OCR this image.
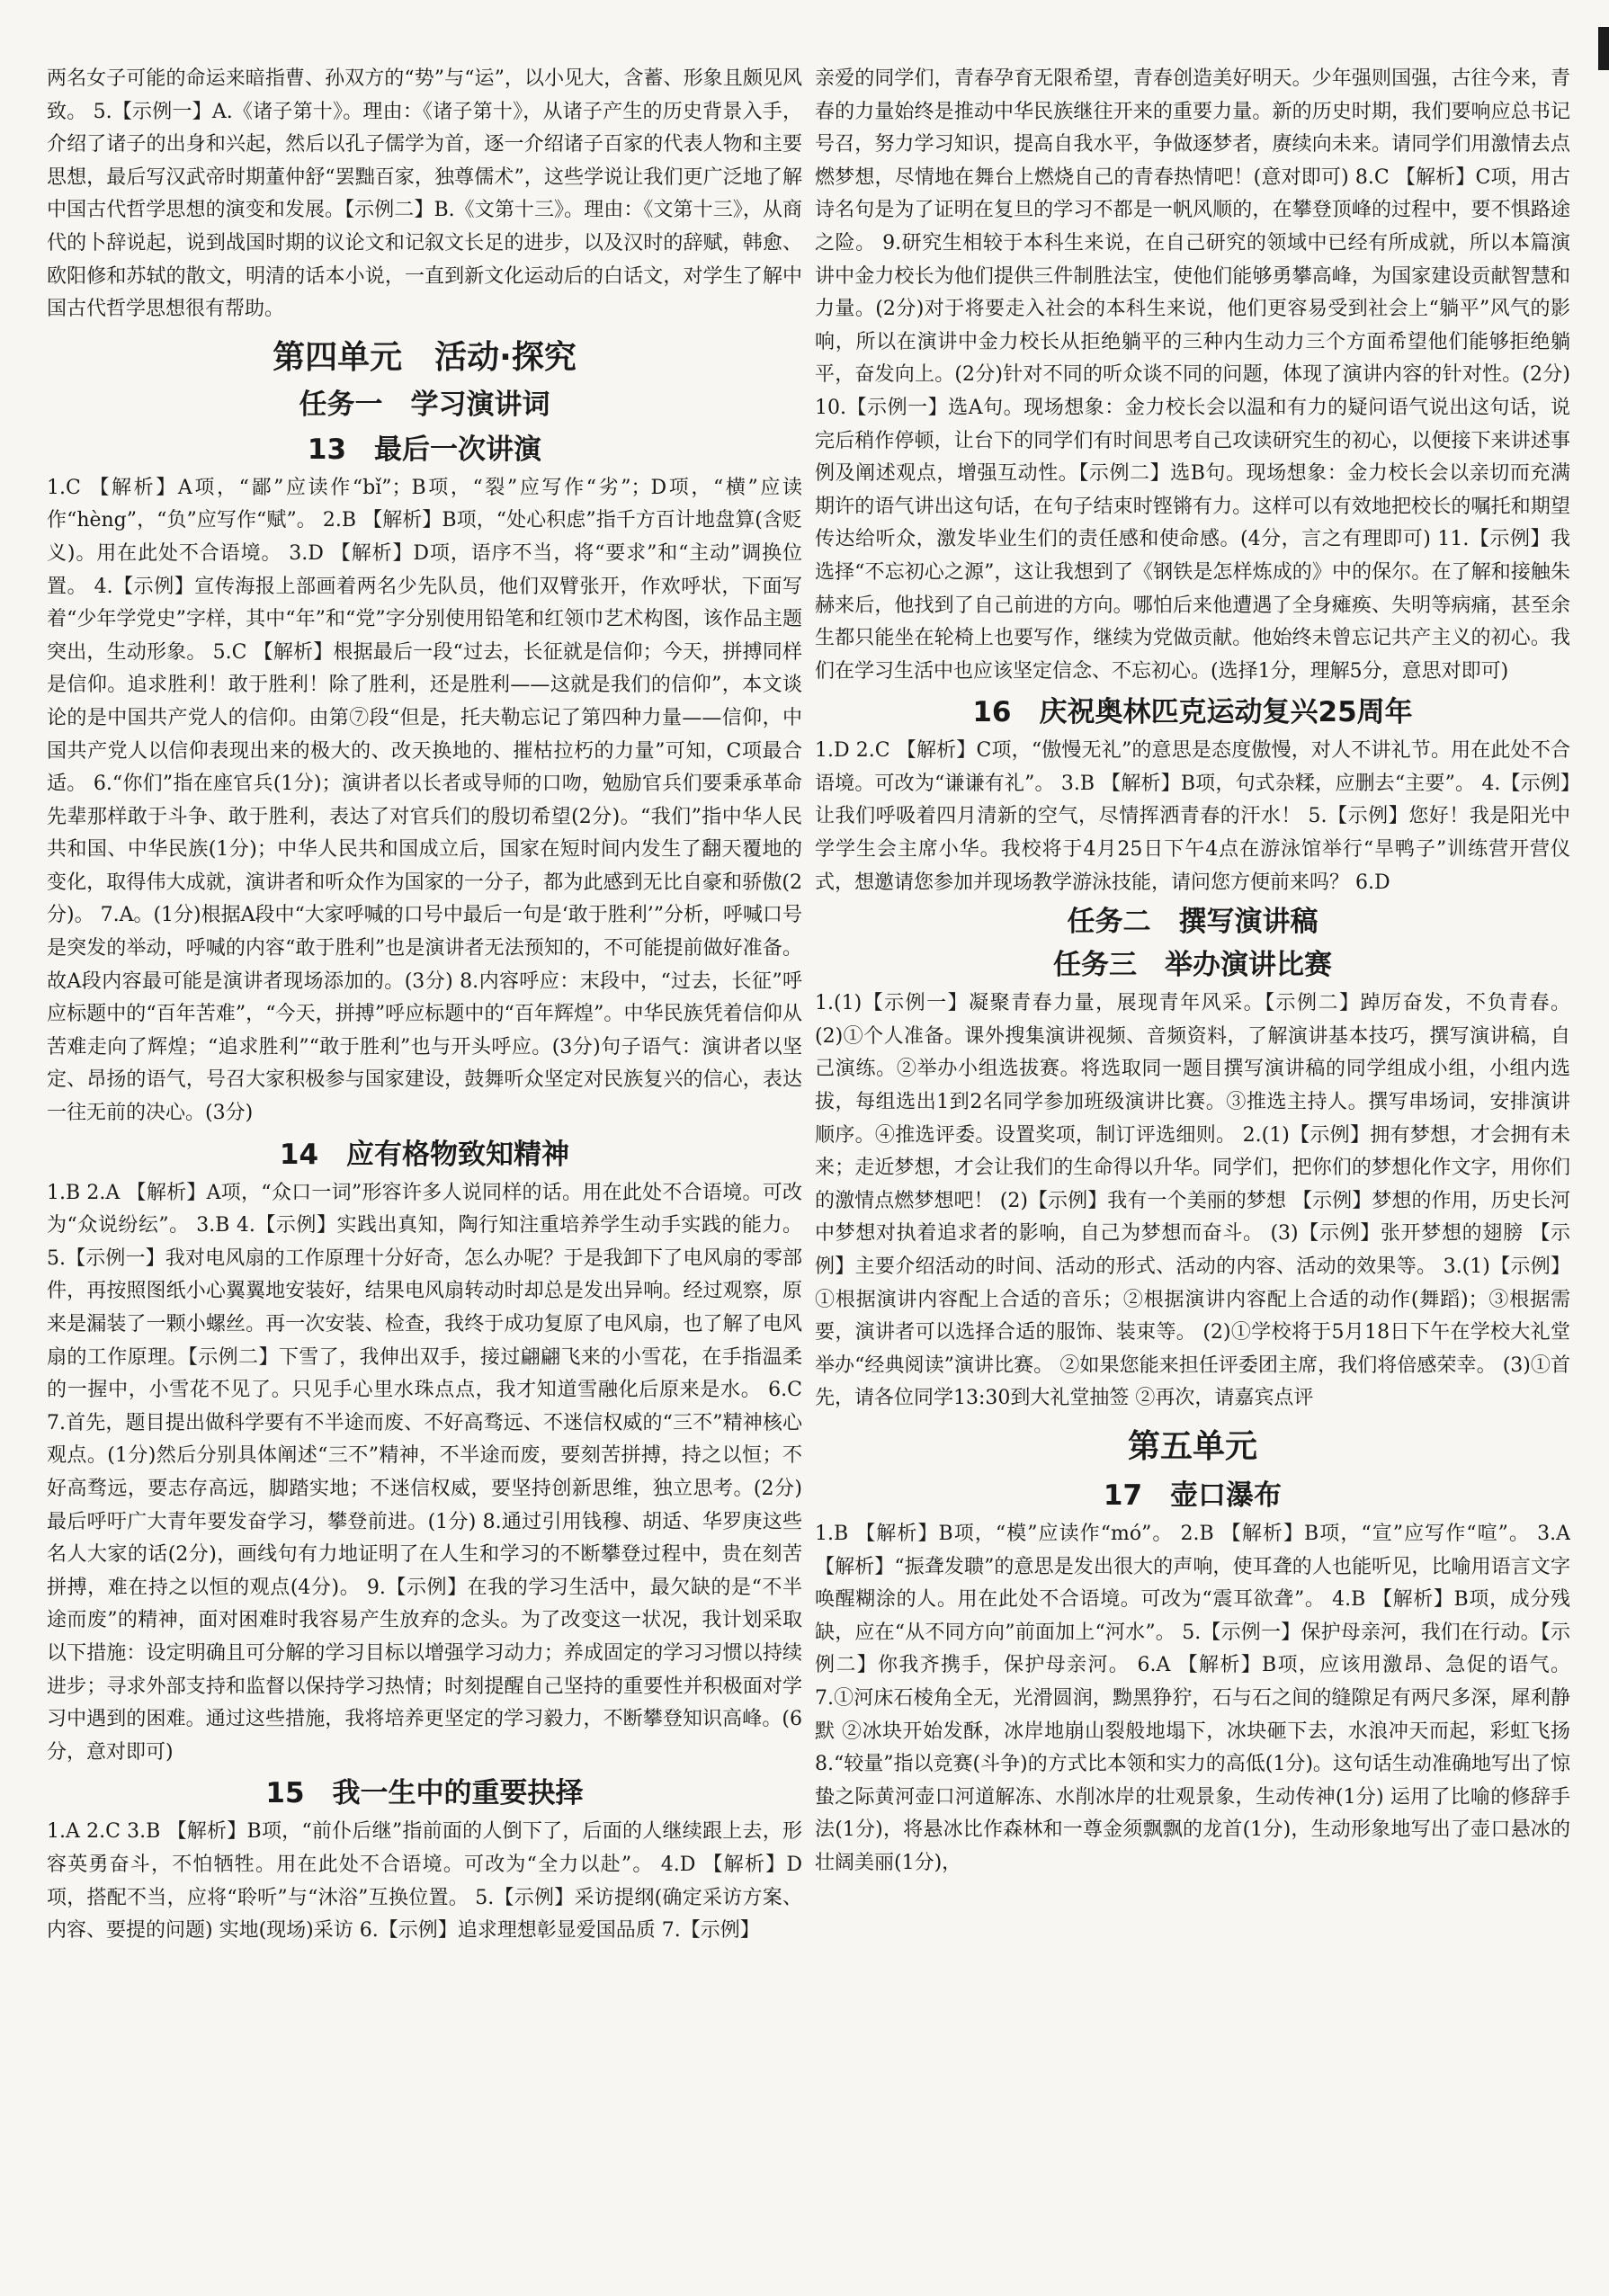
两名女子可能的命运来暗指曹、孙双方的“势”与“运”，以小见大，含蓄、形象且颇见风致。 5.【示例一】A.《诸子第十》。理由：《诸子第十》，从诸子产生的历史背景入手，介绍了诸子的出身和兴起，然后以孔子儒学为首，逐一介绍诸子百家的代表人物和主要思想，最后写汉武帝时期董仲舒“罢黜百家，独尊儒术”，这些学说让我们更广泛地了解中国古代哲学思想的演变和发展。【示例二】B.《文第十三》。理由：《文第十三》，从商代的卜辞说起，说到战国时期的议论文和记叙文长足的进步，以及汉时的辞赋，韩愈、欧阳修和苏轼的散文，明清的话本小说，一直到新文化运动后的白话文，对学生了解中国古代哲学思想很有帮助。

第四单元　活动·探究
任务一　学习演讲词
13　最后一次讲演

1.C 【解析】A项，“鄙”应读作“bǐ”；B项，“裂”应写作“劣”；D项，“横”应读作“hèng”，“负”应写作“赋”。 2.B 【解析】B项，“处心积虑”指千方百计地盘算(含贬义)。用在此处不合语境。 3.D 【解析】D项，语序不当，将“要求”和“主动”调换位置。 4.【示例】宣传海报上部画着两名少先队员，他们双臂张开，作欢呼状，下面写着“少年学党史”字样，其中“年”和“党”字分别使用铅笔和红领巾艺术构图，该作品主题突出，生动形象。 5.C 【解析】根据最后一段“过去，长征就是信仰；今天，拼搏同样是信仰。追求胜利！敢于胜利！除了胜利，还是胜利——这就是我们的信仰”，本文谈论的是中国共产党人的信仰。由第⑦段“但是，托夫勒忘记了第四种力量——信仰，中国共产党人以信仰表现出来的极大的、改天换地的、摧枯拉朽的力量”可知，C项最合适。 6.“你们”指在座官兵(1分)；演讲者以长者或导师的口吻，勉励官兵们要秉承革命先辈那样敢于斗争、敢于胜利，表达了对官兵们的殷切希望(2分)。“我们”指中华人民共和国、中华民族(1分)；中华人民共和国成立后，国家在短时间内发生了翻天覆地的变化，取得伟大成就，演讲者和听众作为国家的一分子，都为此感到无比自豪和骄傲(2分)。 7.A。(1分)根据A段中“大家呼喊的口号中最后一句是‘敢于胜利’”分析，呼喊口号是突发的举动，呼喊的内容“敢于胜利”也是演讲者无法预知的，不可能提前做好准备。故A段内容最可能是演讲者现场添加的。(3分) 8.内容呼应：末段中，“过去，长征”呼应标题中的“百年苦难”，“今天，拼搏”呼应标题中的“百年辉煌”。中华民族凭着信仰从苦难走向了辉煌；“追求胜利”“敢于胜利”也与开头呼应。(3分)句子语气：演讲者以坚定、昂扬的语气，号召大家积极参与国家建设，鼓舞听众坚定对民族复兴的信心，表达一往无前的决心。(3分)

14　应有格物致知精神

1.B 2.A 【解析】A项，“众口一词”形容许多人说同样的话。用在此处不合语境。可改为“众说纷纭”。 3.B 4.【示例】实践出真知，陶行知注重培养学生动手实践的能力。 5.【示例一】我对电风扇的工作原理十分好奇，怎么办呢？于是我卸下了电风扇的零部件，再按照图纸小心翼翼地安装好，结果电风扇转动时却总是发出异响。经过观察，原来是漏装了一颗小螺丝。再一次安装、检查，我终于成功复原了电风扇，也了解了电风扇的工作原理。【示例二】下雪了，我伸出双手，接过翩翩飞来的小雪花，在手指温柔的一握中，小雪花不见了。只见手心里水珠点点，我才知道雪融化后原来是水。 6.C 7.首先，题目提出做科学要有不半途而废、不好高骛远、不迷信权威的“三不”精神核心观点。(1分)然后分别具体阐述“三不”精神，不半途而废，要刻苦拼搏，持之以恒；不好高骛远，要志存高远，脚踏实地；不迷信权威，要坚持创新思维，独立思考。(2分)最后呼吁广大青年要发奋学习，攀登前进。(1分) 8.通过引用钱穆、胡适、华罗庚这些名人大家的话(2分)，画线句有力地证明了在人生和学习的不断攀登过程中，贵在刻苦拼搏，难在持之以恒的观点(4分)。 9.【示例】在我的学习生活中，最欠缺的是“不半途而废”的精神，面对困难时我容易产生放弃的念头。为了改变这一状况，我计划采取以下措施：设定明确且可分解的学习目标以增强学习动力；养成固定的学习习惯以持续进步；寻求外部支持和监督以保持学习热情；时刻提醒自己坚持的重要性并积极面对学习中遇到的困难。通过这些措施，我将培养更坚定的学习毅力，不断攀登知识高峰。(6分，意对即可)

15　我一生中的重要抉择

1.A 2.C 3.B 【解析】B项，“前仆后继”指前面的人倒下了，后面的人继续跟上去，形容英勇奋斗，不怕牺牲。用在此处不合语境。可改为“全力以赴”。 4.D 【解析】D项，搭配不当，应将“聆听”与“沐浴”互换位置。 5.【示例】采访提纲(确定采访方案、内容、要提的问题) 实地(现场)采访 6.【示例】追求理想彰显爱国品质 7.【示例】

亲爱的同学们，青春孕育无限希望，青春创造美好明天。少年强则国强，古往今来，青春的力量始终是推动中华民族继往开来的重要力量。新的历史时期，我们要响应总书记号召，努力学习知识，提高自我水平，争做逐梦者，赓续向未来。请同学们用激情去点燃梦想，尽情地在舞台上燃烧自己的青春热情吧！(意对即可) 8.C 【解析】C项，用古诗名句是为了证明在复旦的学习不都是一帆风顺的，在攀登顶峰的过程中，要不惧路途之险。 9.研究生相较于本科生来说，在自己研究的领域中已经有所成就，所以本篇演讲中金力校长为他们提供三件制胜法宝，使他们能够勇攀高峰，为国家建设贡献智慧和力量。(2分)对于将要走入社会的本科生来说，他们更容易受到社会上“躺平”风气的影响，所以在演讲中金力校长从拒绝躺平的三种内生动力三个方面希望他们能够拒绝躺平，奋发向上。(2分)针对不同的听众谈不同的问题，体现了演讲内容的针对性。(2分) 10.【示例一】选A句。现场想象：金力校长会以温和有力的疑问语气说出这句话，说完后稍作停顿，让台下的同学们有时间思考自己攻读研究生的初心，以便接下来讲述事例及阐述观点，增强互动性。【示例二】选B句。现场想象：金力校长会以亲切而充满期许的语气讲出这句话，在句子结束时铿锵有力。这样可以有效地把校长的嘱托和期望传达给听众，激发毕业生们的责任感和使命感。(4分，言之有理即可) 11.【示例】我选择“不忘初心之源”，这让我想到了《钢铁是怎样炼成的》中的保尔。在了解和接触朱赫来后，他找到了自己前进的方向。哪怕后来他遭遇了全身瘫痪、失明等病痛，甚至余生都只能坐在轮椅上也要写作，继续为党做贡献。他始终未曾忘记共产主义的初心。我们在学习生活中也应该坚定信念、不忘初心。(选择1分，理解5分，意思对即可)

16　庆祝奥林匹克运动复兴25周年

1.D 2.C 【解析】C项，“傲慢无礼”的意思是态度傲慢，对人不讲礼节。用在此处不合语境。可改为“谦谦有礼”。 3.B 【解析】B项，句式杂糅，应删去“主要”。 4.【示例】让我们呼吸着四月清新的空气，尽情挥洒青春的汗水！ 5.【示例】您好！我是阳光中学学生会主席小华。我校将于4月25日下午4点在游泳馆举行“旱鸭子”训练营开营仪式，想邀请您参加并现场教学游泳技能，请问您方便前来吗？ 6.D

任务二　撰写演讲稿
任务三　举办演讲比赛

1.(1)【示例一】凝聚青春力量，展现青年风采。【示例二】踔厉奋发，不负青春。 (2)①个人准备。课外搜集演讲视频、音频资料，了解演讲基本技巧，撰写演讲稿，自己演练。②举办小组选拔赛。将选取同一题目撰写演讲稿的同学组成小组，小组内选拔，每组选出1到2名同学参加班级演讲比赛。③推选主持人。撰写串场词，安排演讲顺序。④推选评委。设置奖项，制订评选细则。 2.(1)【示例】拥有梦想，才会拥有未来；走近梦想，才会让我们的生命得以升华。同学们，把你们的梦想化作文字，用你们的激情点燃梦想吧！ (2)【示例】我有一个美丽的梦想 【示例】梦想的作用，历史长河中梦想对执着追求者的影响，自己为梦想而奋斗。 (3)【示例】张开梦想的翅膀 【示例】主要介绍活动的时间、活动的形式、活动的内容、活动的效果等。 3.(1)【示例】①根据演讲内容配上合适的音乐；②根据演讲内容配上合适的动作(舞蹈)；③根据需要，演讲者可以选择合适的服饰、装束等。 (2)①学校将于5月18日下午在学校大礼堂举办“经典阅读”演讲比赛。 ②如果您能来担任评委团主席，我们将倍感荣幸。 (3)①首先，请各位同学13:30到大礼堂抽签 ②再次，请嘉宾点评

第五单元
17　壶口瀑布

1.B 【解析】B项，“模”应读作“mó”。 2.B 【解析】B项，“宣”应写作“喧”。 3.A 【解析】“振聋发聩”的意思是发出很大的声响，使耳聋的人也能听见，比喻用语言文字唤醒糊涂的人。用在此处不合语境。可改为“震耳欲聋”。 4.B 【解析】B项，成分残缺，应在“从不同方向”前面加上“河水”。 5.【示例一】保护母亲河，我们在行动。【示例二】你我齐携手，保护母亲河。 6.A 【解析】B项，应该用激昂、急促的语气。 7.①河床石棱角全无，光滑圆润，黝黑狰狞，石与石之间的缝隙足有两尺多深，犀利静默 ②冰块开始发酥，冰岸地崩山裂般地塌下，冰块砸下去，水浪冲天而起，彩虹飞扬 8.“较量”指以竞赛(斗争)的方式比本领和实力的高低(1分)。这句话生动准确地写出了惊蛰之际黄河壶口河道解冻、水削冰岸的壮观景象，生动传神(1分) 运用了比喻的修辞手法(1分)，将悬冰比作森林和一尊金须飘飘的龙首(1分)，生动形象地写出了壶口悬冰的壮阔美丽(1分)，
